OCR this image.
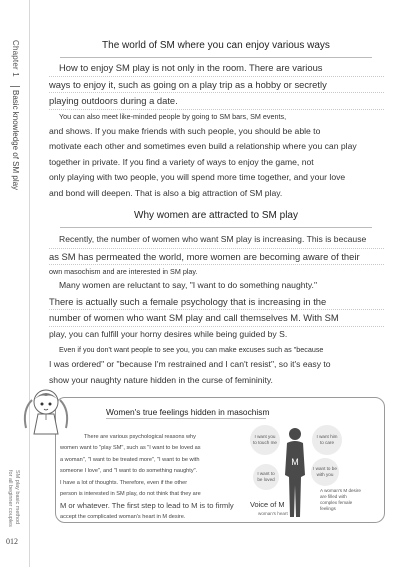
Chapter 1
Basic knowledge of SM play
SM play basic method
for all beginner couples
012
The world of SM where you can enjoy various ways
How to enjoy SM play is not only in the room. There are various
ways to enjoy it, such as going on a play trip as a hobby or secretly
playing outdoors during a date.
You can also meet like-minded people by going to SM bars, SM events,
and shows. If you make friends with such people, you should be able to
motivate each other and sometimes even build a relationship where you can play
together in private. If you find a variety of ways to enjoy the game, not
only playing with two people, you will spend more time together, and your love
and bond will deepen. That is also a big attraction of SM play.
Why women are attracted to SM play
Recently, the number of women who want SM play is increasing. This is because
as SM has permeated the world, more women are becoming aware of their
own masochism and are interested in SM play.
Many women are reluctant to say, "I want to do something naughty."
There is actually such a female psychology that is increasing in the
number of women who want SM play and call themselves M. With SM
play, you can fulfill your horny desires while being guided by S.
Even if you don't want people to see you, you can make excuses such as "because
I was ordered" or "because I'm restrained and I can't resist", so it's easy to
show your naughty nature hidden in the curse of femininity.
Women's true feelings hidden in masochism
There are various psychological reasons why
women want to "play SM", such as "I want to be loved as
a woman", "I want to be treated more", "I want to be with
someone I love", and "I want to do something naughty".
I have a lot of thoughts. Therefore, even if the other
person is interested in SM play, do not think that they are
M or whatever. The first step to lead to M is to firmly
accept the complicated woman's heart in M desire.
M
I want you to touch me
I want him to care
I want to be loved
I want to be with you
Voice of M
woman's heart
A woman's M desire are filled with complex female feelings
